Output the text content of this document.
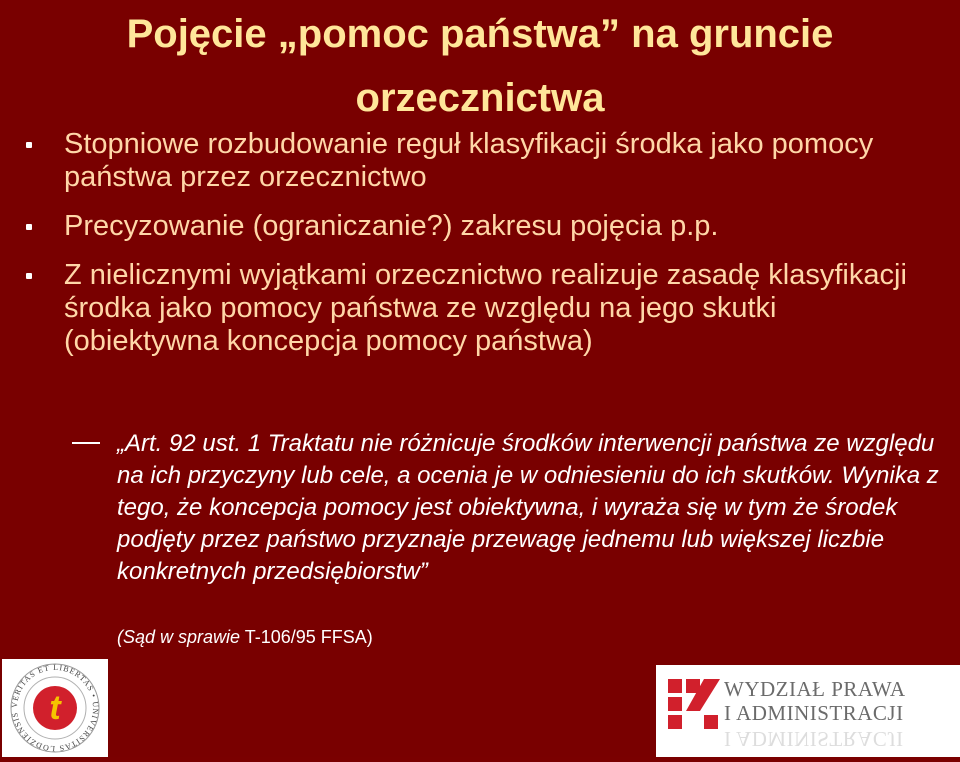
Pojęcie „pomoc państwa” na gruncie orzecznictwa
Stopniowe rozbudowanie reguł klasyfikacji środka jako pomocy państwa przez orzecznictwo
Precyzowanie (ograniczanie?) zakresu pojęcia p.p.
Z nielicznymi wyjątkami orzecznictwo realizuje zasadę klasyfikacji środka jako pomocy państwa ze względu na jego skutki (obiektywna koncepcja pomocy państwa)
„Art. 92 ust. 1 Traktatu nie różnicuje środków interwencji państwa ze względu na ich przyczyny lub cele, a ocenia je w odniesieniu do ich skutków. Wynika z tego, że koncepcja pomocy jest obiektywna, i wyraża się w tym że środek podjęty przez państwo przyznaje przewagę jednemu lub większej liczbie konkretnych przedsiębiorstw”
(Sąd w sprawie T-106/95 FFSA)
VERITAS ET LIBERTAS • UNIVERSITAS LODZIENSIS t	WYDZIAŁ PRAWA
I ADMINISTRACJI
I ADMINISTRACJI
